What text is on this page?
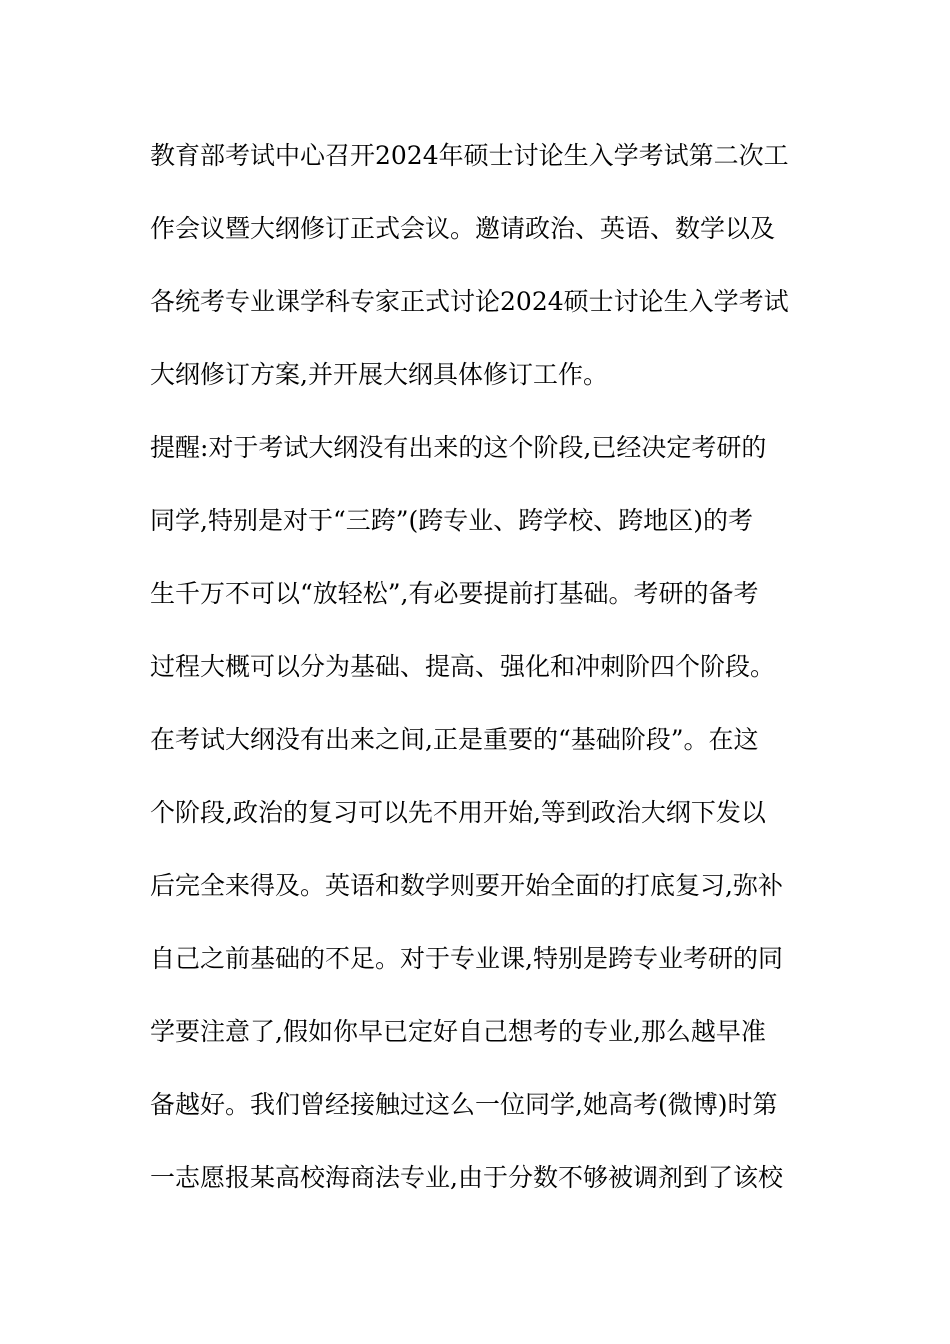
教育部考试中心召开2024年硕士讨论生入学考试第二次工
作会议暨大纲修订正式会议。邀请政治、英语、数学以及
各统考专业课学科专家正式讨论2024硕士讨论生入学考试
大纲修订方案,并开展大纲具体修订工作。
提醒:对于考试大纲没有出来的这个阶段,已经决定考研的
同学,特别是对于“三跨”(跨专业、跨学校、跨地区)的考
生千万不可以“放轻松”,有必要提前打基础。考研的备考
过程大概可以分为基础、提高、强化和冲刺阶四个阶段。
在考试大纲没有出来之间,正是重要的“基础阶段”。在这
个阶段,政治的复习可以先不用开始,等到政治大纲下发以
后完全来得及。英语和数学则要开始全面的打底复习,弥补
自己之前基础的不足。对于专业课,特别是跨专业考研的同
学要注意了,假如你早已定好自己想考的专业,那么越早准
备越好。我们曾经接触过这么一位同学,她高考(微博)时第
一志愿报某高校海商法专业,由于分数不够被调剂到了该校
